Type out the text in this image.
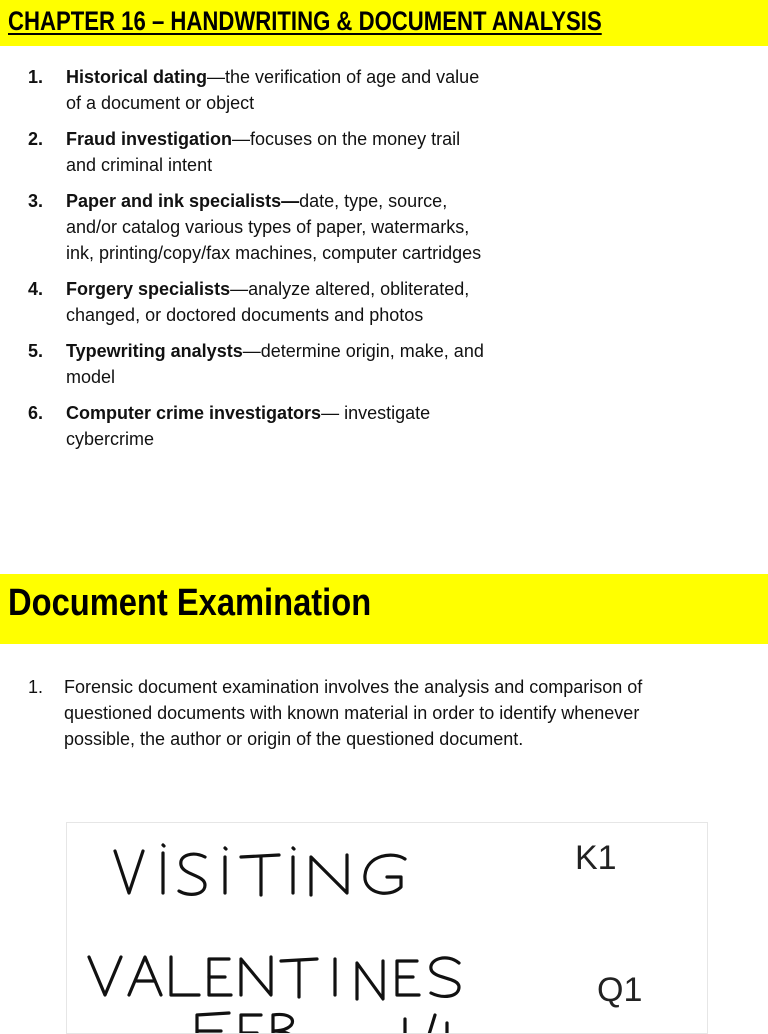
CHAPTER 16 – HANDWRITING & DOCUMENT ANALYSIS
1. Historical dating—the verification of age and value of a document or object
2. Fraud investigation—focuses on the money trail and criminal intent
3. Paper and ink specialists—date, type, source, and/or catalog various types of paper, watermarks, ink, printing/copy/fax machines, computer cartridges
4. Forgery specialists—analyze altered, obliterated, changed, or doctored documents and photos
5. Typewriting analysts—determine origin, make, and model
6. Computer crime investigators— investigate cybercrime
Document Examination
1.	Forensic document examination involves the analysis and comparison of questioned documents with known material in order to identify whenever possible, the author or origin of the questioned document.
K1
Q1
